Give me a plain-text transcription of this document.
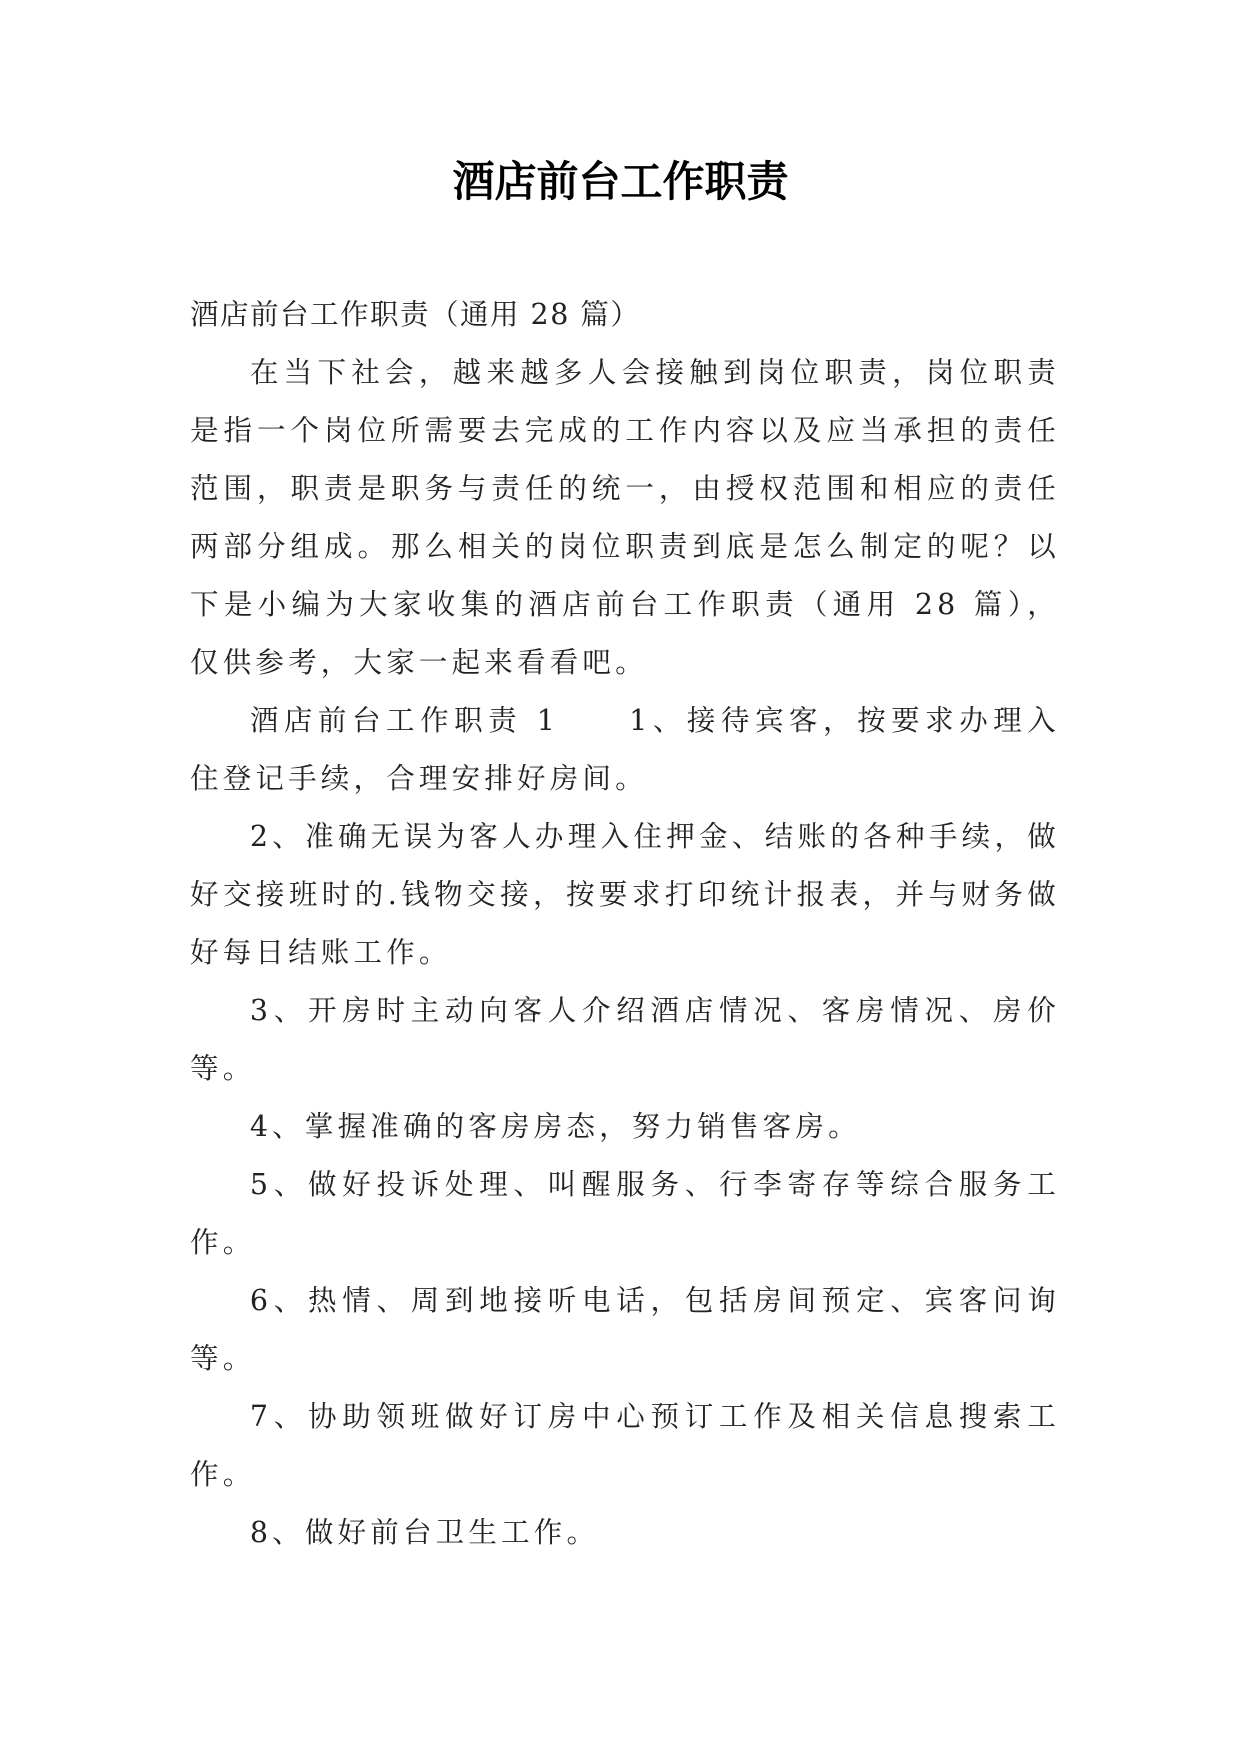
酒店前台工作职责

酒店前台工作职责（通用 28 篇）

在当下社会，越来越多人会接触到岗位职责，岗位职责是指一个岗位所需要去完成的工作内容以及应当承担的责任范围，职责是职务与责任的统一，由授权范围和相应的责任两部分组成。那么相关的岗位职责到底是怎么制定的呢？以下是小编为大家收集的酒店前台工作职责（通用 28 篇），仅供参考，大家一起来看看吧。

酒店前台工作职责 1 1、接待宾客，按要求办理入住登记手续，合理安排好房间。

2、准确无误为客人办理入住押金、结账的各种手续，做好交接班时的.钱物交接，按要求打印统计报表，并与财务做好每日结账工作。

3、开房时主动向客人介绍酒店情况、客房情况、房价等。

4、掌握准确的客房房态，努力销售客房。

5、做好投诉处理、叫醒服务、行李寄存等综合服务工作。

6、热情、周到地接听电话，包括房间预定、宾客问询等。

7、协助领班做好订房中心预订工作及相关信息搜索工作。

8、做好前台卫生工作。
